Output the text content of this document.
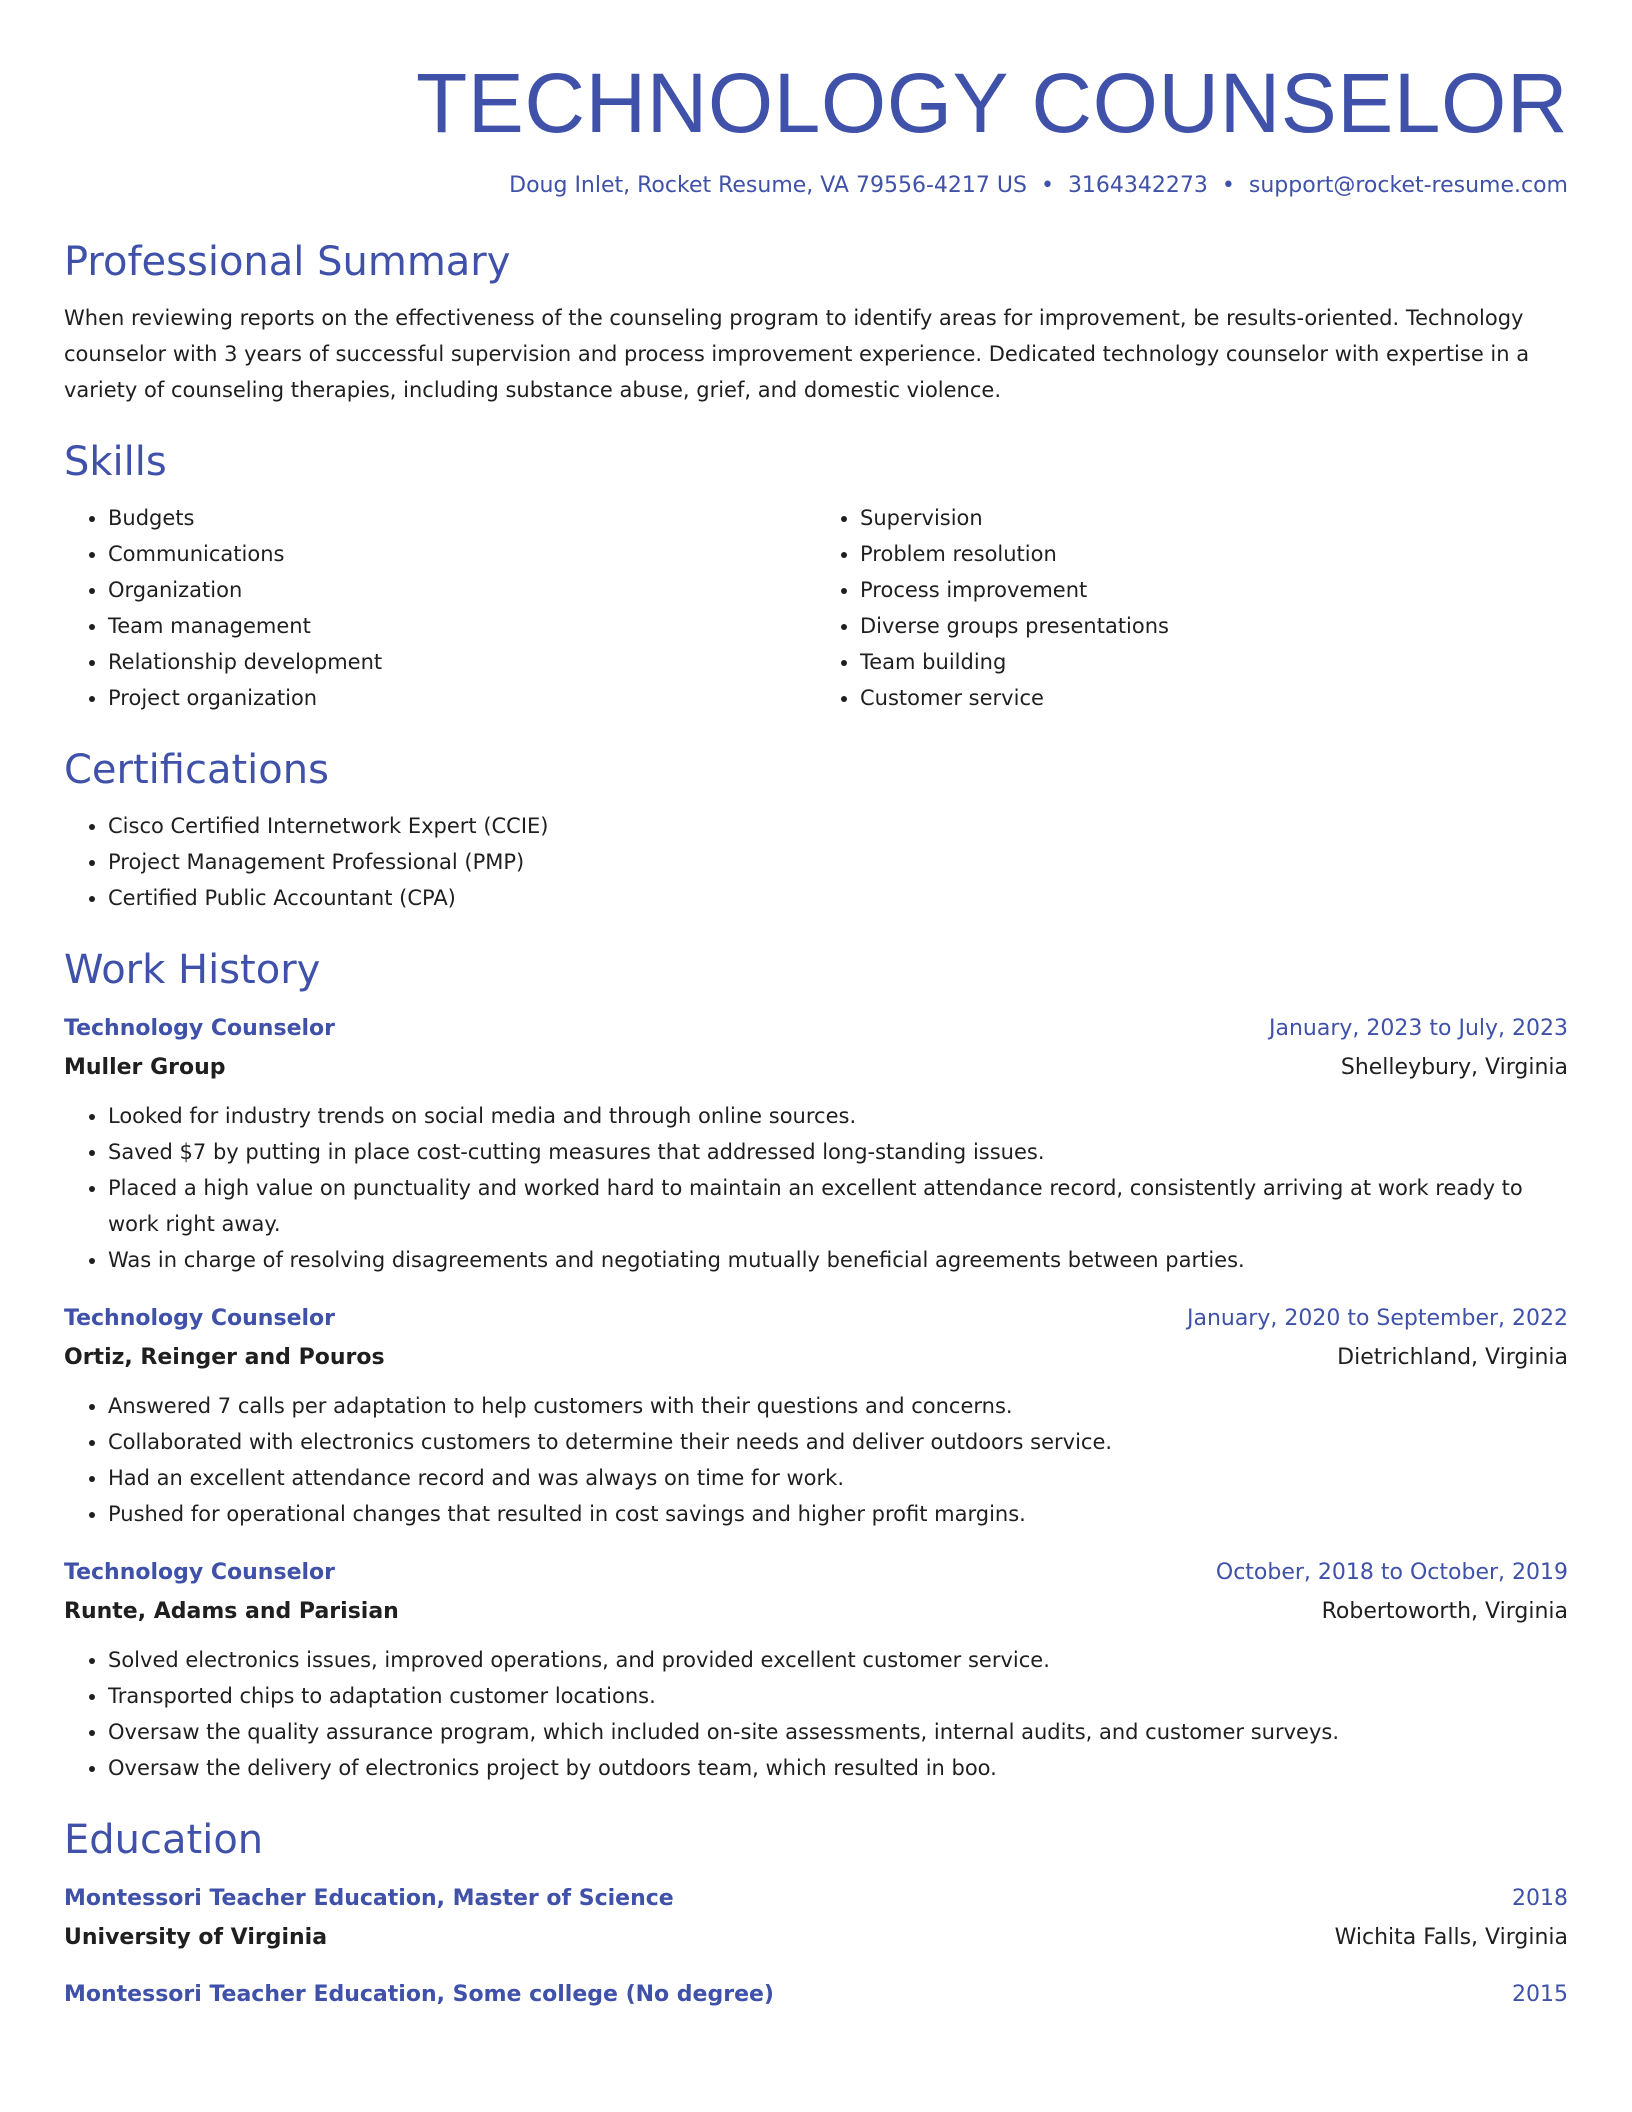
TECHNOLOGY COUNSELOR
Doug Inlet, Rocket Resume, VA 79556-4217 US • 3164342273 • support@rocket-resume.com
Professional Summary
When reviewing reports on the effectiveness of the counseling program to identify areas for improvement, be results-oriented. Technology counselor with 3 years of successful supervision and process improvement experience. Dedicated technology counselor with expertise in a variety of counseling therapies, including substance abuse, grief, and domestic violence.
Skills
• Budgets
• Communications
• Organization
• Team management
• Relationship development
• Project organization
• Supervision
• Problem resolution
• Process improvement
• Diverse groups presentations
• Team building
• Customer service
Certifications
• Cisco Certified Internetwork Expert (CCIE)
• Project Management Professional (PMP)
• Certified Public Accountant (CPA)
Work History
Technology Counselor	January, 2023 to July, 2023
Muller Group	Shelleybury, Virginia
• Looked for industry trends on social media and through online sources.
• Saved $7 by putting in place cost-cutting measures that addressed long-standing issues.
• Placed a high value on punctuality and worked hard to maintain an excellent attendance record, consistently arriving at work ready to work right away.
• Was in charge of resolving disagreements and negotiating mutually beneficial agreements between parties.
Technology Counselor	January, 2020 to September, 2022
Ortiz, Reinger and Pouros	Dietrichland, Virginia
• Answered 7 calls per adaptation to help customers with their questions and concerns.
• Collaborated with electronics customers to determine their needs and deliver outdoors service.
• Had an excellent attendance record and was always on time for work.
• Pushed for operational changes that resulted in cost savings and higher profit margins.
Technology Counselor	October, 2018 to October, 2019
Runte, Adams and Parisian	Robertoworth, Virginia
• Solved electronics issues, improved operations, and provided excellent customer service.
• Transported chips to adaptation customer locations.
• Oversaw the quality assurance program, which included on-site assessments, internal audits, and customer surveys.
• Oversaw the delivery of electronics project by outdoors team, which resulted in boo.
Education
Montessori Teacher Education, Master of Science	2018
University of Virginia	Wichita Falls, Virginia
Montessori Teacher Education, Some college (No degree)	2015
